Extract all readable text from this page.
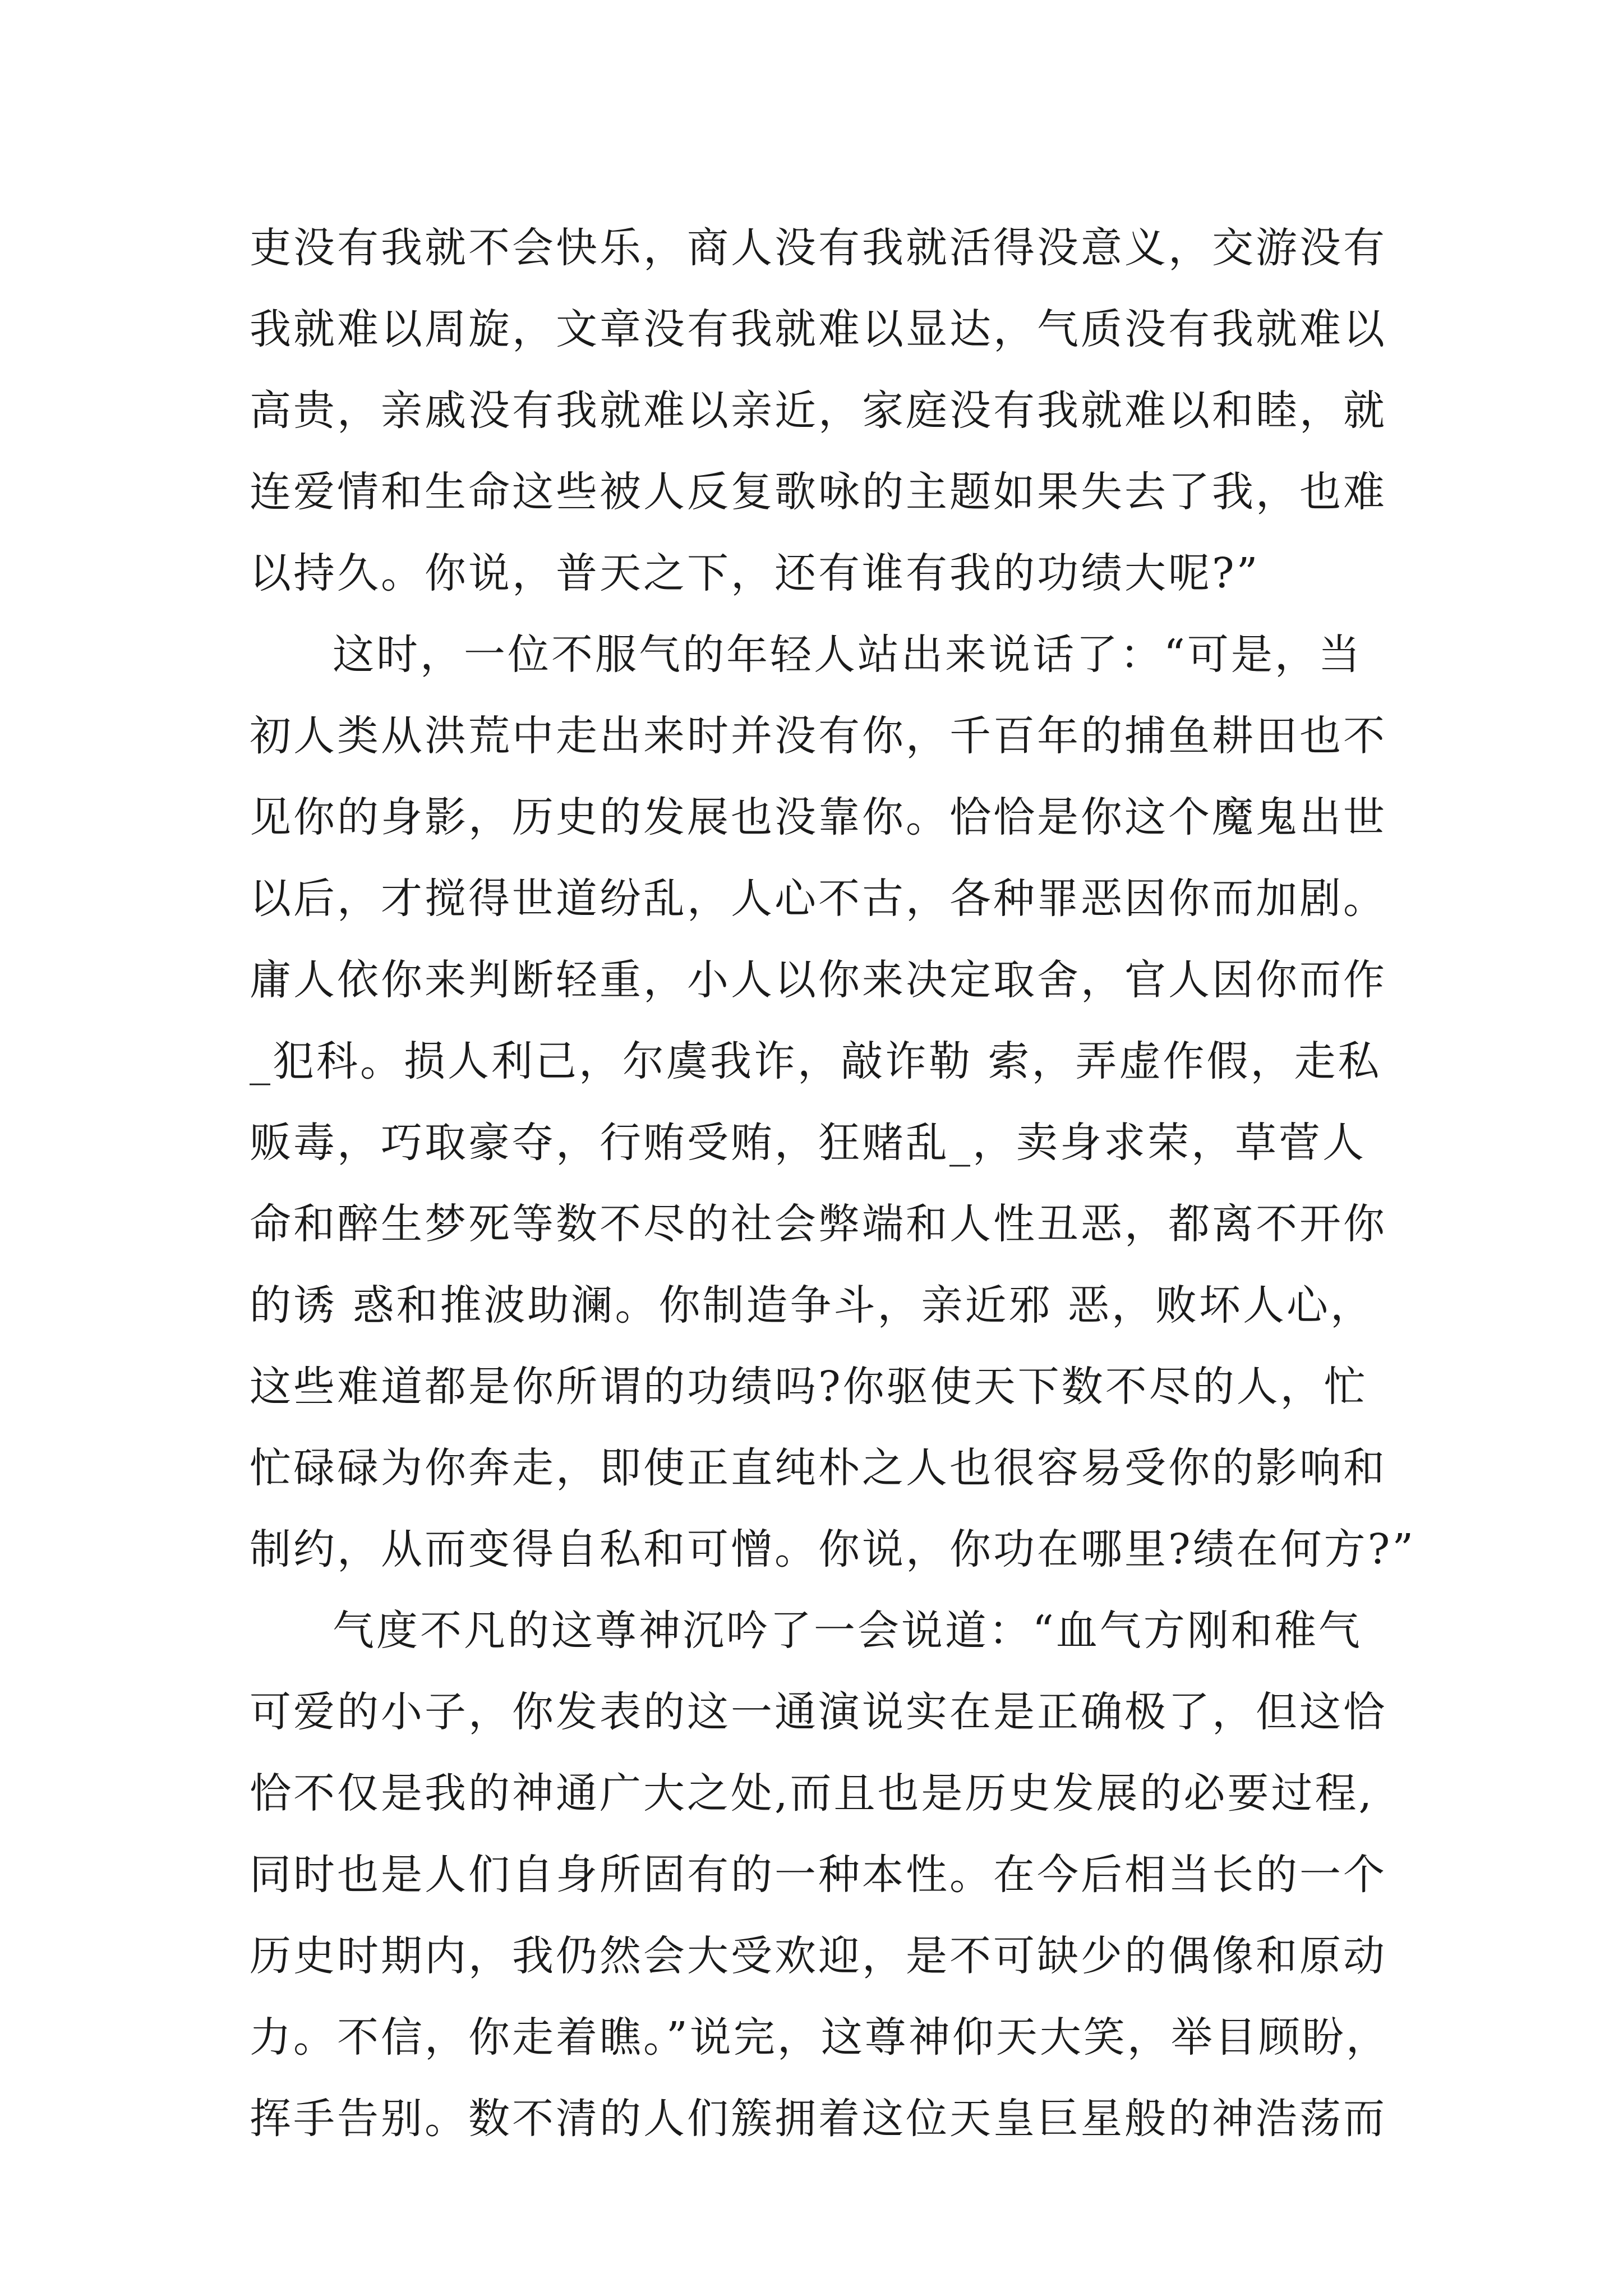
吏没有我就不会快乐，商人没有我就活得没意义，交游没有
我就难以周旋，文章没有我就难以显达，气质没有我就难以
高贵，亲戚没有我就难以亲近，家庭没有我就难以和睦，就
连爱情和生命这些被人反复歌咏的主题如果失去了我，也难
以持久。你说，普天之下，还有谁有我的功绩大呢?”
这时，一位不服气的年轻人站出来说话了：“可是，当
初人类从洪荒中走出来时并没有你，千百年的捕鱼耕田也不
见你的身影，历史的发展也没靠你。恰恰是你这个魔鬼出世
以后，才搅得世道纷乱，人心不古，各种罪恶因你而加剧。
庸人依你来判断轻重，小人以你来决定取舍，官人因你而作
_犯科。损人利己，尔虞我诈，敲诈勒 索，弄虚作假，走私
贩毒，巧取豪夺，行贿受贿，狂赌乱_，卖身求荣，草菅人
命和醉生梦死等数不尽的社会弊端和人性丑恶，都离不开你
的诱 惑和推波助澜。你制造争斗，亲近邪 恶，败坏人心，
这些难道都是你所谓的功绩吗?你驱使天下数不尽的人，忙
忙碌碌为你奔走，即使正直纯朴之人也很容易受你的影响和
制约，从而变得自私和可憎。你说，你功在哪里?绩在何方?”
气度不凡的这尊神沉吟了一会说道：“血气方刚和稚气
可爱的小子，你发表的这一通演说实在是正确极了，但这恰
恰不仅是我的神通广大之处,而且也是历史发展的必要过程,
同时也是人们自身所固有的一种本性。在今后相当长的一个
历史时期内，我仍然会大受欢迎，是不可缺少的偶像和原动
力。不信，你走着瞧。”说完，这尊神仰天大笑，举目顾盼，
挥手告别。数不清的人们簇拥着这位天皇巨星般的神浩荡而
